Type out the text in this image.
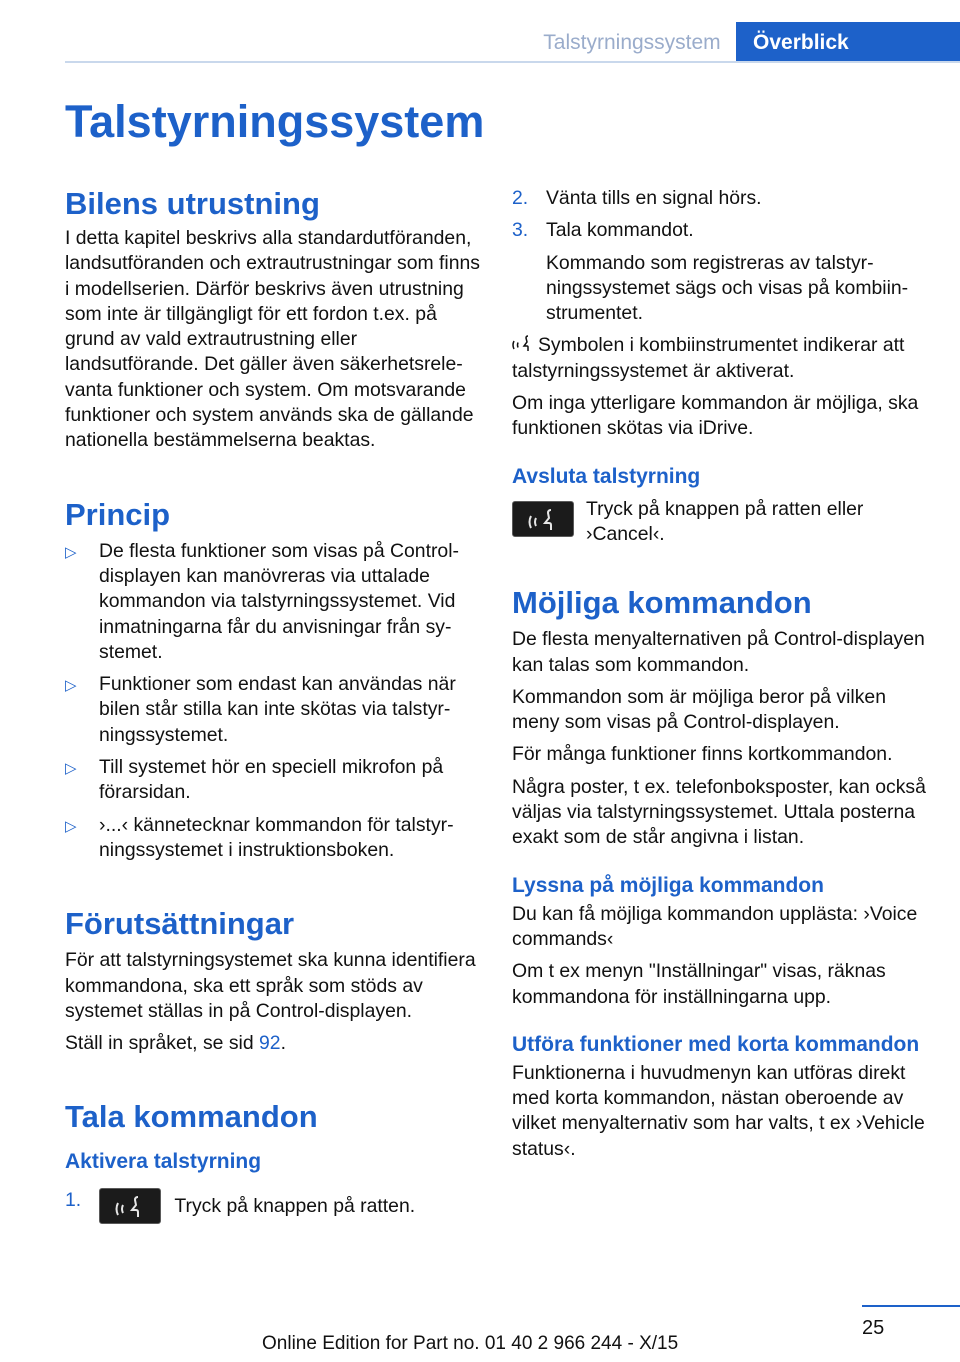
Talstyrningssystem	Överblick
Talstyrningssystem
Bilens utrustning

I detta kapitel beskrivs alla standardutföranden, landsutföranden och extrautrustningar som finns i modellserien. Därför beskrivs även utrustning som inte är tillgängligt för ett fordon t.ex. på grund av vald extrautrustning eller landsutförande. Det gäller även säkerhetsrelevanta funktioner och system. Om motsvarande funktioner och system används ska de gällande nationella bestämmelserna beaktas.

Princip
▷ De flesta funktioner som visas på Control-displayen kan manövreras via uttalade kommandon via talstyrningssystemet. Vid inmatningarna får du anvisningar från systemet.
▷ Funktioner som endast kan användas när bilen står stilla kan inte skötas via talstyrningssystemet.
▷ Till systemet hör en speciell mikrofon på förarsidan.
▷ ›...‹ kännetecknar kommandon för talstyrningssystemet i instruktionsboken.
Förutsättningar

För att talstyrningsystemet ska kunna identifiera kommandona, ska ett språk som stöds av systemet ställas in på Control-displayen.

Ställ in språket, se sid 92.

Tala kommandon
Aktivera talstyrning
1.	Tryck på knappen på ratten.
2. Vänta tills en signal hörs.
3. Tala kommandot.
Kommando som registreras av talstyrningssystemet sägs och visas på kombiinstrumentet.

Symbolen i kombiinstrumentet indikerar att talstyrningssystemet är aktiverat.

Om inga ytterligare kommandon är möjliga, ska funktionen skötas via iDrive.

Avsluta talstyrning

Tryck på knappen på ratten eller ›Cancel‹.

Möjliga kommandon

De flesta menyalternativen på Control-displayen kan talas som kommandon.

Kommandon som är möjliga beror på vilken meny som visas på Control-displayen.

För många funktioner finns kortkommandon.

Några poster, t ex. telefonboksposter, kan också väljas via talstyrningssystemet. Uttala posterna exakt som de står angivna i listan.

Lyssna på möjliga kommandon

Du kan få möjliga kommandon upplästa: ›Voice commands‹

Om t ex menyn "Inställningar" visas, räknas kommandona för inställningarna upp.

Utföra funktioner med korta kommandon

Funktionerna i huvudmenyn kan utföras direkt med korta kommandon, nästan oberoende av vilket menyalternativ som har valts, t ex ›Vehicle status‹.

25
Online Edition for Part no. 01 40 2 966 244 - X/15
